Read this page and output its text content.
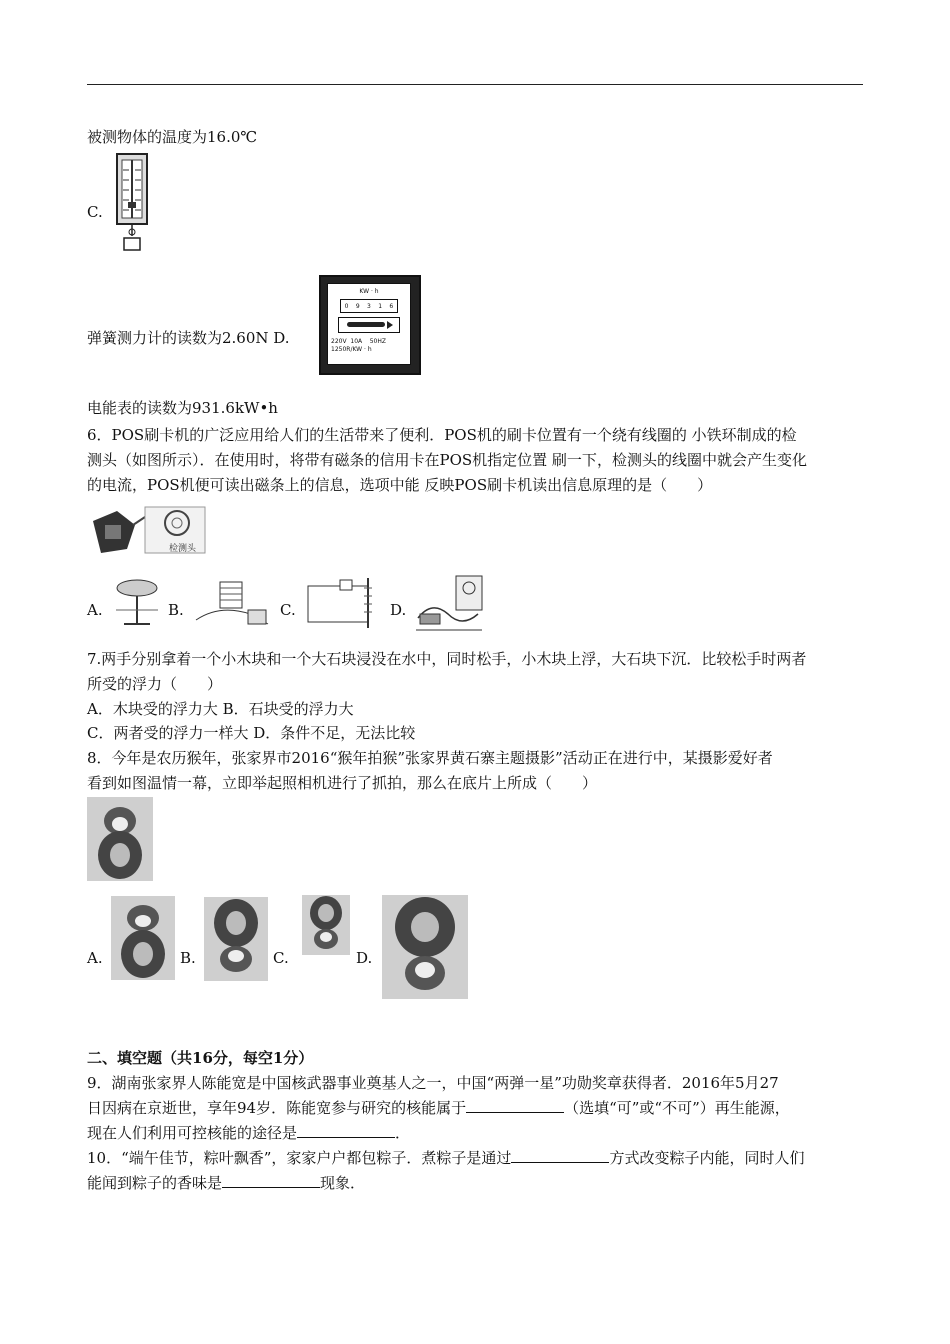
被测物体的温度为16.0℃
C.
KW · h
0 9 3 1 6
220V  10A    50HZ
1250R/KW · h
弹簧测力计的读数为2.60N D.
电能表的读数为931.6kW•h
6．POS刷卡机的广泛应用给人们的生活带来了便利．POS机的刷卡位置有一个绕有线圈的 小铁环制成的检
测头（如图所示）．在使用时，将带有磁条的信用卡在POS机指定位置 刷一下，检测头的线圈中就会产生变化
的电流，POS机便可读出磁条上的信息，选项中能 反映POS刷卡机读出信息原理的是（　　）
检测头
A.	B.	C.	D.
7.两手分别拿着一个小木块和一个大石块浸没在水中，同时松手，小木块上浮，大石块下沉．比较松手时两者
所受的浮力（　　）
A．木块受的浮力大 B．石块受的浮力大
C．两者受的浮力一样大 D．条件不足，无法比较
8．今年是农历猴年，张家界市2016“猴年拍猴”张家界黄石寨主题摄影”活动正在进行中，某摄影爱好者
看到如图温情一幕，立即举起照相机进行了抓拍，那么在底片上所成（　　）
A.	B.	C.	D.
二、填空题（共16分，每空1分）
9．湖南张家界人陈能宽是中国核武器事业奠基人之一，中国“两弹一星”功勋奖章获得者．2016年5月27
日因病在京逝世，享年94岁．陈能宽参与研究的核能属于	（选填“可”或“不可”）再生能源，
现在人们利用可控核能的途径是	．
10．“端午佳节，粽叶飘香”，家家户户都包粽子．煮粽子是通过	方式改变粽子内能，同时人们
能闻到粽子的香味是	现象．
